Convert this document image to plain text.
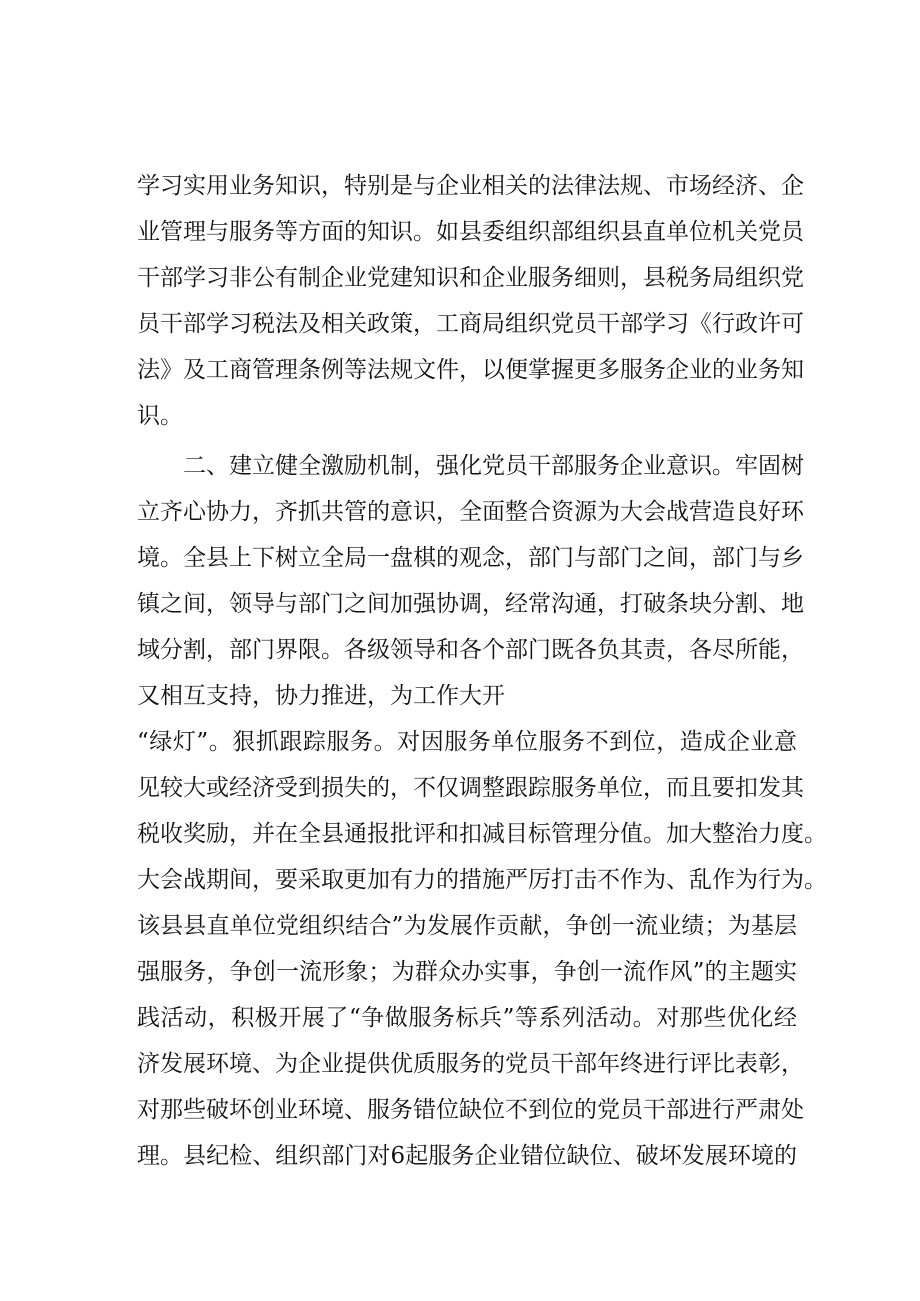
学习实用业务知识，特别是与企业相关的法律法规、市场经济、企
业管理与服务等方面的知识。如县委组织部组织县直单位机关党员
干部学习非公有制企业党建知识和企业服务细则，县税务局组织党
员干部学习税法及相关政策，工商局组织党员干部学习《行政许可
法》及工商管理条例等法规文件，以便掌握更多服务企业的业务知
识。
二、建立健全激励机制，强化党员干部服务企业意识。牢固树
立齐心协力，齐抓共管的意识，全面整合资源为大会战营造良好环
境。全县上下树立全局一盘棋的观念，部门与部门之间，部门与乡
镇之间，领导与部门之间加强协调，经常沟通，打破条块分割、地
域分割，部门界限。各级领导和各个部门既各负其责，各尽所能，
又相互支持，协力推进，为工作大开
“绿灯”。狠抓跟踪服务。对因服务单位服务不到位，造成企业意
见较大或经济受到损失的，不仅调整跟踪服务单位，而且要扣发其
税收奖励，并在全县通报批评和扣减目标管理分值。加大整治力度。
大会战期间，要采取更加有力的措施严厉打击不作为、乱作为行为。
该县县直单位党组织结合”为发展作贡献，争创一流业绩；为基层
强服务，争创一流形象；为群众办实事，争创一流作风”的主题实
践活动，积极开展了“争做服务标兵”等系列活动。对那些优化经
济发展环境、为企业提供优质服务的党员干部年终进行评比表彰，
对那些破坏创业环境、服务错位缺位不到位的党员干部进行严肃处
理。县纪检、组织部门对6起服务企业错位缺位、破坏发展环境的
